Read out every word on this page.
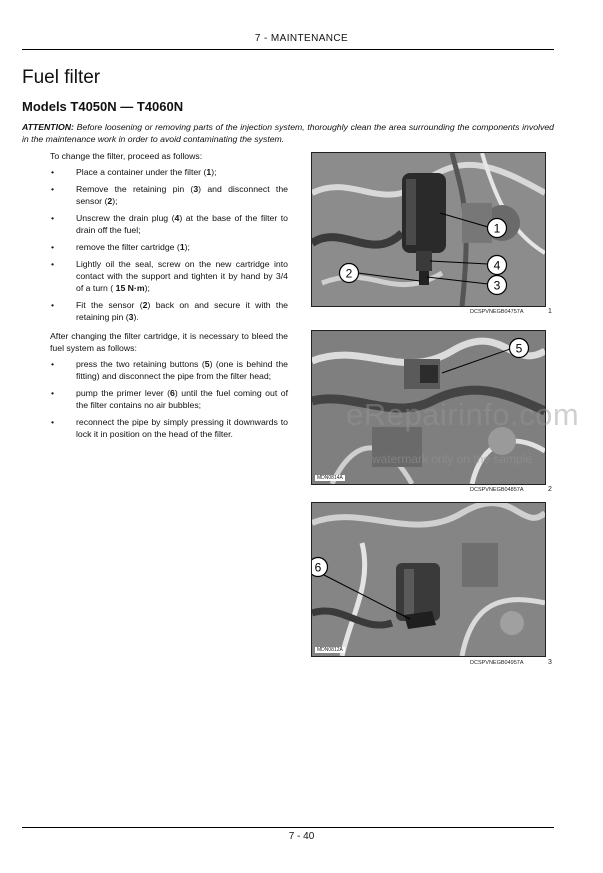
7 - MAINTENANCE
Fuel filter
Models T4050N — T4060N
ATTENTION: Before loosening or removing parts of the injection system, thoroughly clean the area surrounding the components involved in the maintenance work in order to avoid contaminating the system.
To change the filter, proceed as follows:
•	Place a container under the filter (1);
•	Remove the retaining pin (3) and disconnect the sensor (2);
•	Unscrew the drain plug (4) at the base of the filter to drain off the fuel;
•	remove the filter cartridge (1);
•	Lightly oil the seal, screw on the new cartridge into contact with the support and tighten it by hand by 3/4 of a turn ( 15 N·m);
•	Fit the sensor (2) back on and secure it with the retaining pin (3).
After changing the filter cartridge, it is necessary to bleed the fuel system as follows:
•	press the two retaining buttons (5) (one is behind the fitting) and disconnect the pipe from the filter head;
•	pump the primer lever (6) until the fuel coming out of the filter contains no air bubbles;
•	reconnect the pipe by simply pressing it downwards to lock it in position on the head of the filter.
1
4
3
2
DCSPVNEGB04757A	1
5
MDN0814A
DCSPVNEGB04857A	2
6
MDN0812A
DCSPVNEGB04957A	3
eRepairinfo.com
watermark only on the sample
7 - 40
